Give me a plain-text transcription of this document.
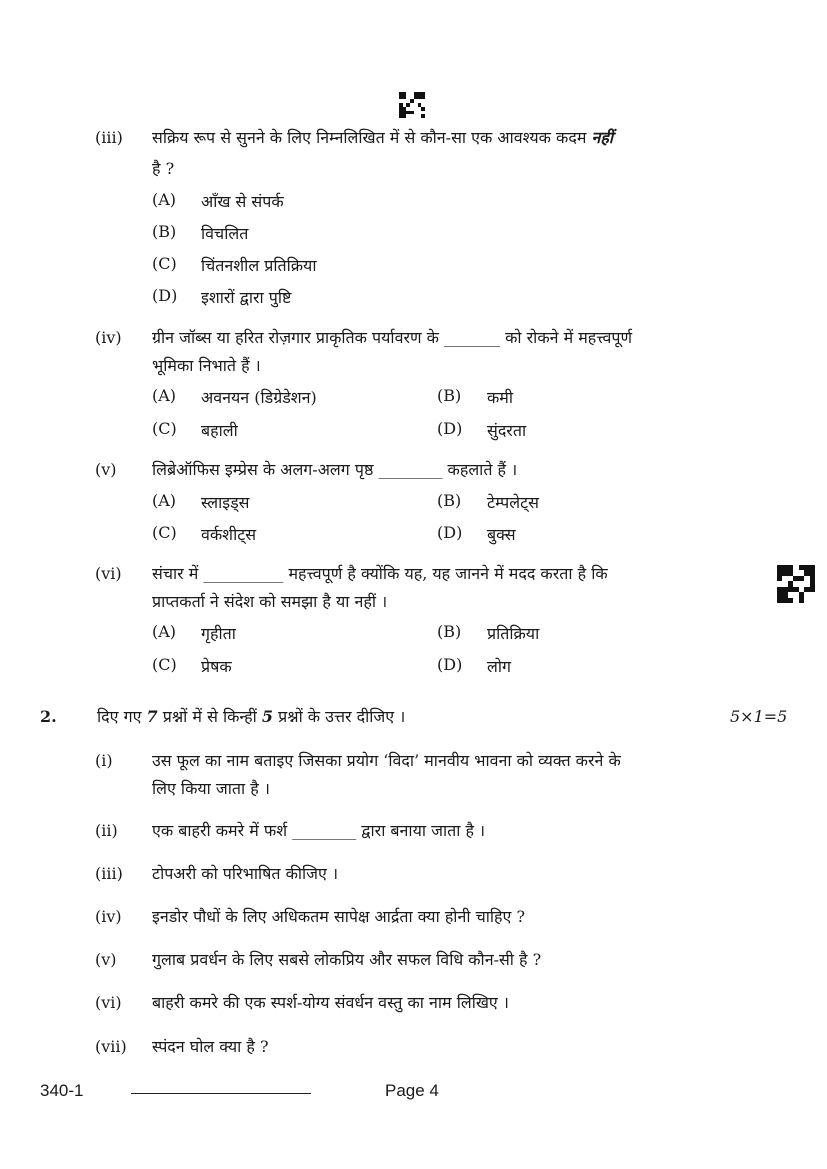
(iii) सक्रिय रूप से सुनने के लिए निम्नलिखित में से कौन-सा एक आवश्यक कदम नहीं
है ?
(A) आँख से संपर्क
(B) विचलित
(C) चिंतनशील प्रतिक्रिया
(D) इशारों द्वारा पुष्टि
(iv) ग्रीन जॉब्स या हरित रोज़गार प्राकृतिक पर्यावरण के _______ को रोकने में महत्त्वपूर्ण
भूमिका निभाते हैं ।
(A) अवनयन (डिग्रेडेशन)	(B) कमी
(C) बहाली	(D) सुंदरता
(v) लिब्रेऑफिस इम्प्रेस के अलग-अलग पृष्ठ ________ कहलाते हैं ।
(A) स्लाइड्स	(B) टेम्पलेट्स
(C) वर्कशीट्स	(D) बुक्स
(vi) संचार में __________ महत्त्वपूर्ण है क्योंकि यह, यह जानने में मदद करता है कि
प्राप्तकर्ता ने संदेश को समझा है या नहीं ।
(A) गृहीता	(B) प्रतिक्रिया
(C) प्रेषक	(D) लोग
2.	दिए गए 7 प्रश्नों में से किन्हीं 5 प्रश्नों के उत्तर दीजिए ।	5×1=5
(i) उस फूल का नाम बताइए जिसका प्रयोग ‘विदा’ मानवीय भावना को व्यक्त करने के
लिए किया जाता है ।
(ii) एक बाहरी कमरे में फर्श ________ द्वारा बनाया जाता है ।
(iii) टोपअरी को परिभाषित कीजिए ।
(iv) इनडोर पौधों के लिए अधिकतम सापेक्ष आर्द्रता क्या होनी चाहिए ?
(v) गुलाब प्रवर्धन के लिए सबसे लोकप्रिय और सफल विधि कौन-सी है ?
(vi) बाहरी कमरे की एक स्पर्श-योग्य संवर्धन वस्तु का नाम लिखिए ।
(vii) स्पंदन घोल क्या है ?
340-1	Page 4
